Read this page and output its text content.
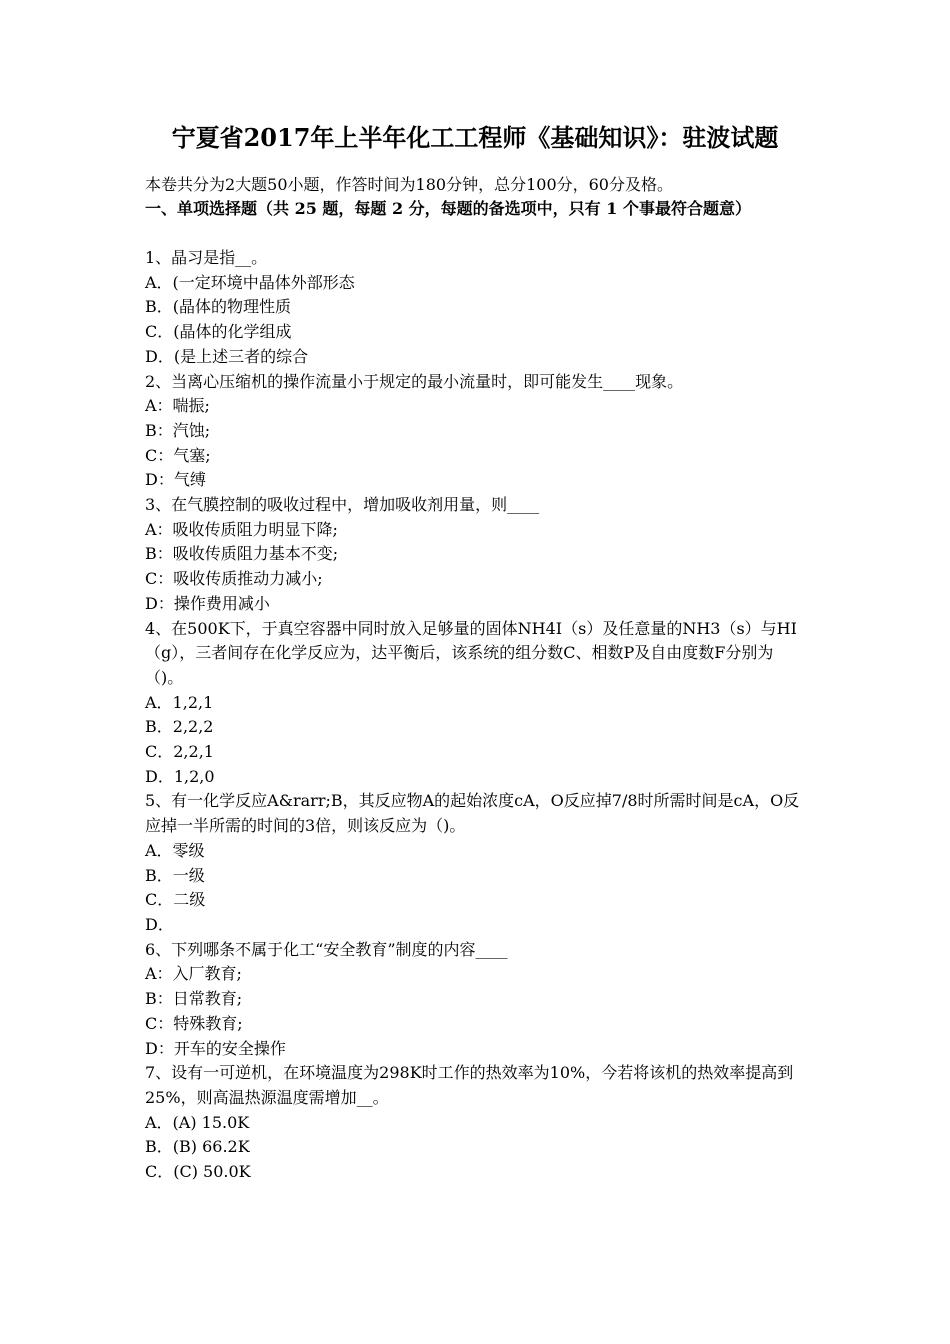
宁夏省2017年上半年化工工程师《基础知识》：驻波试题
本卷共分为2大题50小题，作答时间为180分钟，总分100分，60分及格。
一、单项选择题（共 25 题，每题 2 分，每题的备选项中，只有 1 个事最符合题意）
1、晶习是指__。
A．(一定环境中晶体外部形态
B．(晶体的物理性质
C．(晶体的化学组成
D．(是上述三者的综合
2、当离心压缩机的操作流量小于规定的最小流量时，即可能发生____现象。
A：喘振;
B：汽蚀;
C：气塞;
D：气缚
3、在气膜控制的吸收过程中，增加吸收剂用量，则____
A：吸收传质阻力明显下降;
B：吸收传质阻力基本不变;
C：吸收传质推动力减小;
D：操作费用减小
4、在500K下，于真空容器中同时放入足够量的固体NH4I（s）及任意量的NH3（s）与HI（g），三者间存在化学反应为，达平衡后，该系统的组分数C、相数P及自由度数F分别为（)。
A．1,2,1
B．2,2,2
C．2,2,1
D．1,2,0
5、有一化学反应A&rarr;B，其反应物A的起始浓度cA，O反应掉7/8时所需时间是cA，O反应掉一半所需的时间的3倍，则该反应为（)。
A．零级
B．一级
C．二级
D．
6、下列哪条不属于化工“安全教育”制度的内容____
A：入厂教育;
B：日常教育;
C：特殊教育;
D：开车的安全操作
7、设有一可逆机，在环境温度为298K时工作的热效率为10%，今若将该机的热效率提高到25%，则高温热源温度需增加__。
A．(A) 15.0K
B．(B) 66.2K
C．(C) 50.0K
